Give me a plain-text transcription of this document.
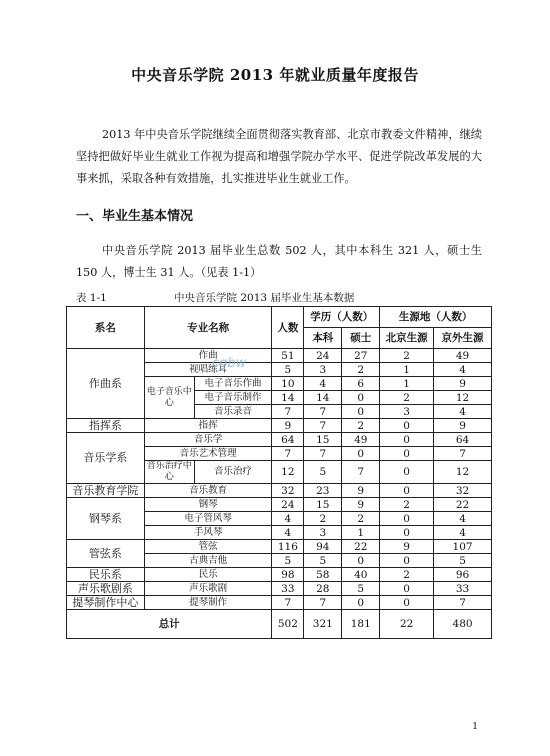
中央音乐学院 2013 年就业质量年度报告
2013 年中央音乐学院继续全面贯彻落实教育部、北京市教委文件精神，继续坚持把做好毕业生就业工作视为提高和增强学院办学水平、促进学院改革发展的大事来抓，采取各种有效措施，扎实推进毕业生就业工作。
一、毕业生基本情况
中央音乐学院 2013 届毕业生总数 502 人，其中本科生 321 人，硕士生 150 人，博士生 31 人。（见表 1-1）
表 1-1	中央音乐学院 2013 届毕业生基本数据
系名	专业名称		人数	学历（人数）		生源地（人数）	
				本科	硕士	北京生源	京外生源
作曲系	作曲		51	24	27	2	49
	视唱练耳		5	3	2	1	4
	电子音乐中心	电子音乐作曲	10	4	6	1	9
		电子音乐制作	14	14	0	2	12
		音乐录音	7	7	0	3	4
指挥系	指挥		9	7	2	0	9
音乐学系	音乐学		64	15	49	0	64
	音乐艺术管理		7	7	0	0	7
	音乐治疗中心	音乐治疗	12	5	7	0	12
音乐教育学院	音乐教育		32	23	9	0	32
钢琴系	钢琴		24	15	9	2	22
	电子管风琴		4	2	2	0	4
	手风琴		4	3	1	0	4
管弦系	管弦		116	94	22	9	107
	古典吉他		5	5	0	0	5
民乐系	民乐		98	58	40	2	96
声乐歌剧系	声乐歌剧		33	28	5	0	33
提琴制作中心	提琴制作		7	7	0	0	7
总计			502	321	181	22	480
cgbw
1
